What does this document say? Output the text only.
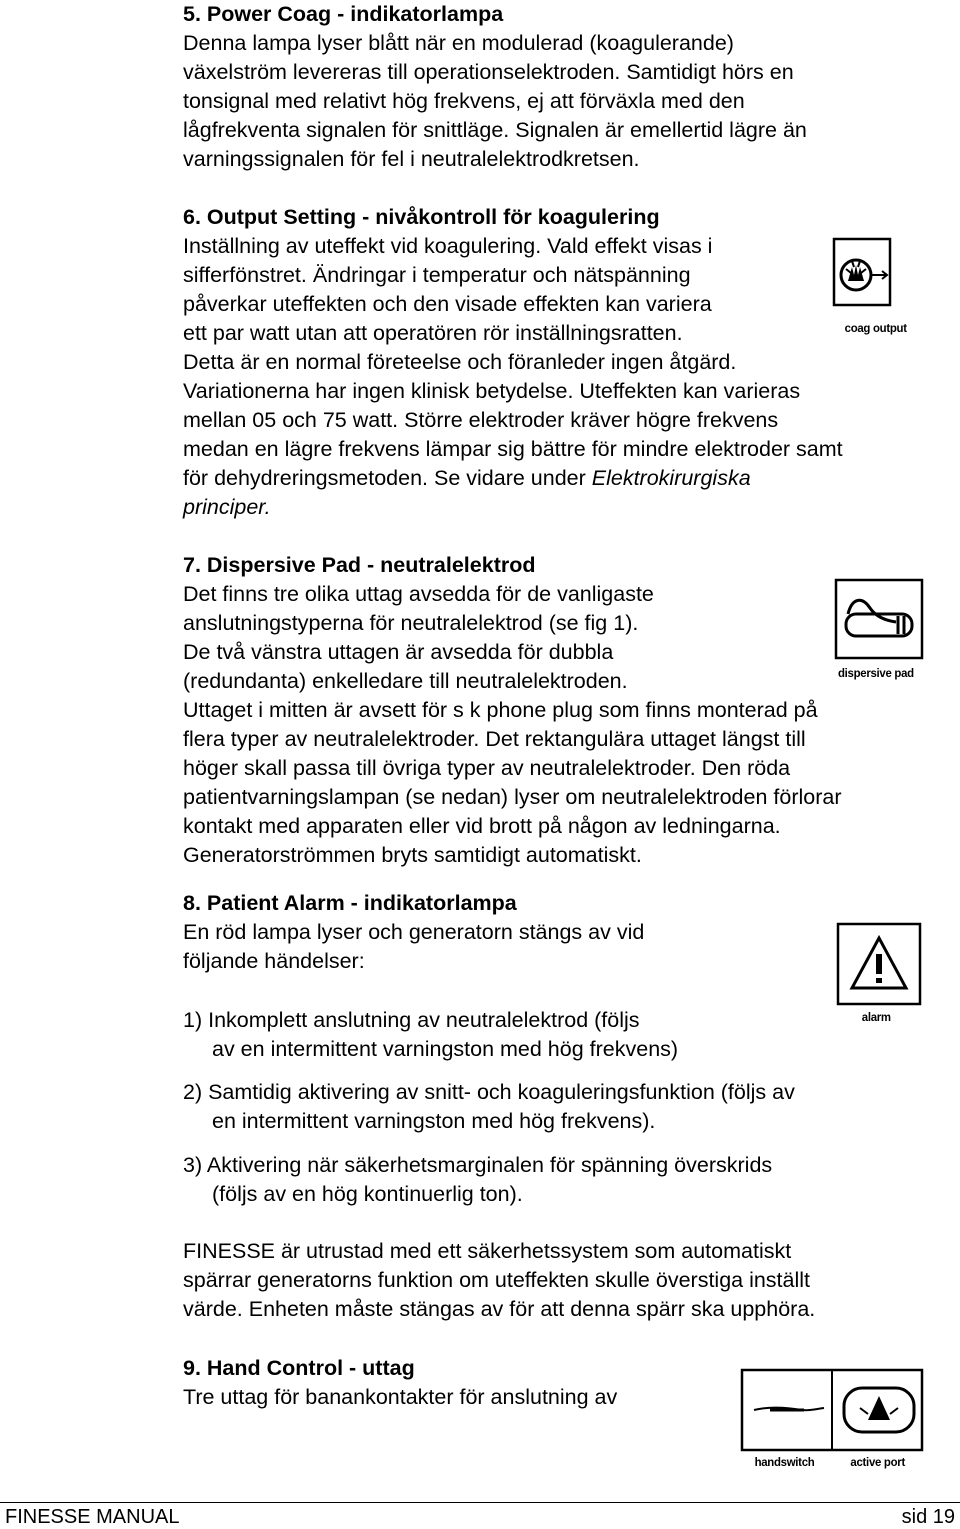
5. Power Coag - indikatorlampa

Denna lampa lyser blått när en modulerad (koagulerande)

växelström levereras till operationselektroden. Samtidigt hörs en

tonsignal med relativt hög frekvens, ej att förväxla med den

lågfrekventa signalen för snittläge. Signalen är emellertid lägre än

varningssignalen för fel i neutralelektrodkretsen.

6. Output Setting - nivåkontroll för koagulering

Inställning av uteffekt vid koagulering. Vald effekt visas i

sifferfönstret. Ändringar i temperatur och nätspänning

påverkar uteffekten och den visade effekten kan variera

ett par watt utan att operatören rör inställningsratten.

Detta är en normal företeelse och föranleder ingen åtgärd.

Variationerna har ingen klinisk betydelse. Uteffekten kan varieras

mellan 05 och 75 watt. Större elektroder kräver högre frekvens

medan en lägre frekvens lämpar sig bättre för mindre elektroder samt

för dehydreringsmetoden. Se vidare under Elektrokirurgiska

principer.

coag output
7. Dispersive Pad - neutralelektrod

Det finns tre olika uttag avsedda för de vanligaste

anslutningstyperna för neutralelektrod (se fig 1).

De två vänstra uttagen är avsedda för dubbla

(redundanta) enkelledare till neutralelektroden.

Uttaget i mitten är avsett för s k phone plug som finns monterad på

flera typer av neutralelektroder. Det rektangulära uttaget längst till

höger skall passa till övriga typer av neutralelektroder. Den röda

patientvarningslampan (se nedan) lyser om neutralelektroden förlorar

kontakt med apparaten eller vid brott på någon av ledningarna.

Generatorströmmen bryts samtidigt automatiskt.

dispersive pad
8. Patient Alarm - indikatorlampa

En röd lampa lyser och generatorn stängs av vid

följande händelser:

1) Inkomplett anslutning av neutralelektrod (följs

av en intermittent varningston med hög frekvens)

2) Samtidig aktivering av snitt- och koaguleringsfunktion (följs av

en intermittent varningston med hög frekvens).

3) Aktivering när säkerhetsmarginalen för spänning överskrids

(följs av en hög kontinuerlig ton).

FINESSE är utrustad med ett säkerhetssystem som automatiskt

spärrar generatorns funktion om uteffekten skulle överstiga inställt

värde. Enheten måste stängas av för att denna spärr ska upphöra.

alarm
9. Hand Control - uttag

Tre uttag för banankontakter för anslutning av

handswitch	active port
FINESSE MANUAL	sid 19
